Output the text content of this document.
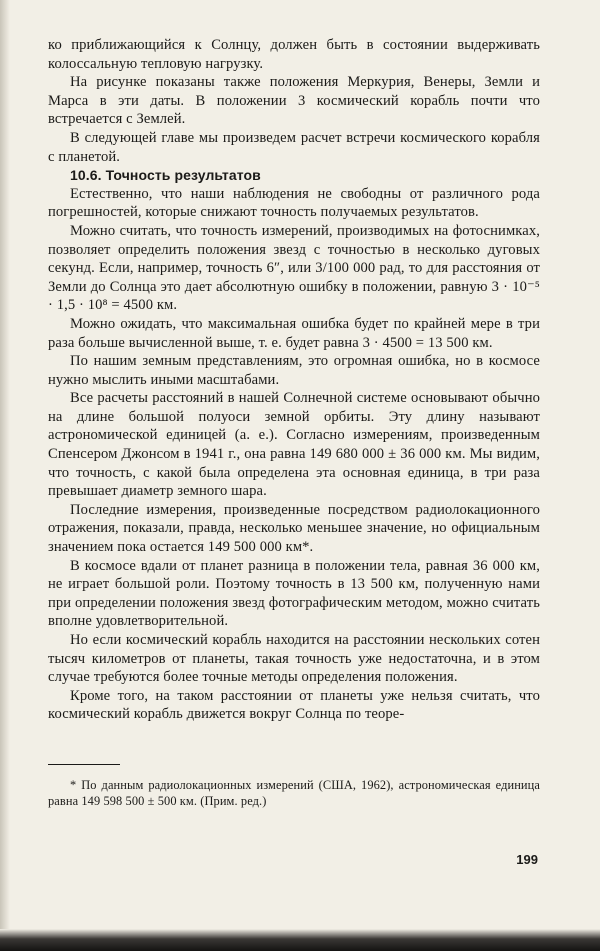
ко приближающийся к Солнцу, должен быть в состоянии выдерживать колоссальную тепловую нагрузку.

На рисунке показаны также положения Меркурия, Венеры, Земли и Марса в эти даты. В положении 3 космический корабль почти что встречается с Землей.

В следующей главе мы произведем расчет встречи космического корабля с планетой.

10.6. Точность результатов

Естественно, что наши наблюдения не свободны от различного рода погрешностей, которые снижают точность получаемых результатов.

Можно считать, что точность измерений, производимых на фотоснимках, позволяет определить положения звезд с точностью в несколько дуговых секунд. Если, например, точность 6″, или 3/100 000 рад, то для расстояния от Земли до Солнца это дает абсолютную ошибку в положении, равную 3 · 10⁻⁵ · 1,5 · 10⁸ = 4500 км.

Можно ожидать, что максимальная ошибка будет по крайней мере в три раза больше вычисленной выше, т. е. будет равна 3 · 4500 = 13 500 км.

По нашим земным представлениям, это огромная ошибка, но в космосе нужно мыслить иными масштабами.

Все расчеты расстояний в нашей Солнечной системе основывают обычно на длине большой полуоси земной орбиты. Эту длину называют астрономической единицей (а. е.). Согласно измерениям, произведенным Спенсером Джонсом в 1941 г., она равна 149 680 000 ± 36 000 км. Мы видим, что точность, с какой была определена эта основная единица, в три раза превышает диаметр земного шара.

Последние измерения, произведенные посредством радиолокационного отражения, показали, правда, несколько меньшее значение, но официальным значением пока остается 149 500 000 км*.

В космосе вдали от планет разница в положении тела, равная 36 000 км, не играет большой роли. Поэтому точность в 13 500 км, полученную нами при определении положения звезд фотографическим методом, можно считать вполне удовлетворительной.

Но если космический корабль находится на расстоянии нескольких сотен тысяч километров от планеты, такая точность уже недостаточна, и в этом случае требуются более точные методы определения положения.

Кроме того, на таком расстоянии от планеты уже нельзя считать, что космический корабль движется вокруг Солнца по теоре-

* По данным радиолокационных измерений (США, 1962), астрономическая единица равна 149 598 500 ± 500 км. (Прим. ред.)

199
